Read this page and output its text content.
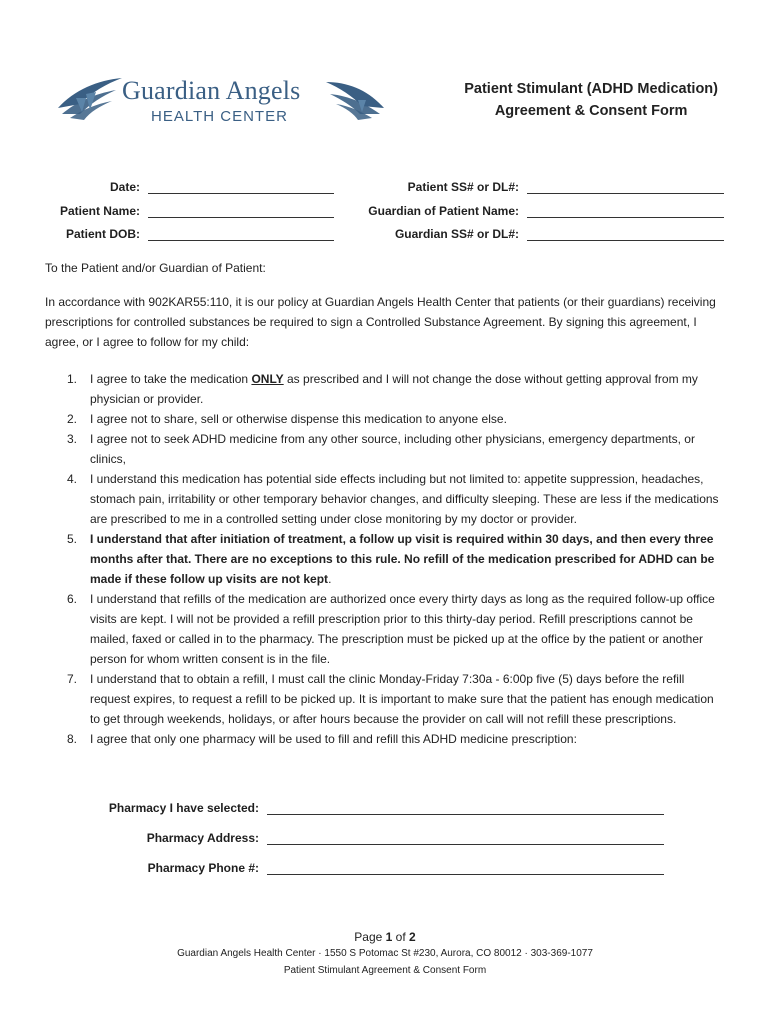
Guardian Angels
HEALTH CENTER
Patient Stimulant (ADHD Medication)
Agreement & Consent Form
Date:
Patient Name:
Patient DOB:
Patient SS# or DL#:
Guardian of Patient Name:
Guardian SS# or DL#:
To the Patient and/or Guardian of Patient:
In accordance with 902KAR55:110, it is our policy at Guardian Angels Health Center that patients (or their guardians) receiving prescriptions for controlled substances be required to sign a Controlled Substance Agreement. By signing this agreement, I agree, or I agree to follow for my child:
1. I agree to take the medication ONLY as prescribed and I will not change the dose without getting approval from my physician or provider.
2. I agree not to share, sell or otherwise dispense this medication to anyone else.
3. I agree not to seek ADHD medicine from any other source, including other physicians, emergency departments, or clinics,
4. I understand this medication has potential side effects including but not limited to: appetite suppression, headaches, stomach pain, irritability or other temporary behavior changes, and difficulty sleeping. These are less if the medications are prescribed to me in a controlled setting under close monitoring by my doctor or provider.
5. I understand that after initiation of treatment, a follow up visit is required within 30 days, and then every three months after that. There are no exceptions to this rule. No refill of the medication prescribed for ADHD can be made if these follow up visits are not kept.
6. I understand that refills of the medication are authorized once every thirty days as long as the required follow-up office visits are kept. I will not be provided a refill prescription prior to this thirty-day period. Refill prescriptions cannot be mailed, faxed or called in to the pharmacy. The prescription must be picked up at the office by the patient or another person for whom written consent is in the file.
7. I understand that to obtain a refill, I must call the clinic Monday-Friday 7:30a - 6:00p five (5) days before the refill request expires, to request a refill to be picked up. It is important to make sure that the patient has enough medication to get through weekends, holidays, or after hours because the provider on call will not refill these prescriptions.
8. I agree that only one pharmacy will be used to fill and refill this ADHD medicine prescription:
Pharmacy I have selected:
Pharmacy Address:
Pharmacy Phone #:
Page 1 of 2
Guardian Angels Health Center · 1550 S Potomac St #230, Aurora, CO 80012 · 303-369-1077
Patient Stimulant Agreement & Consent Form
